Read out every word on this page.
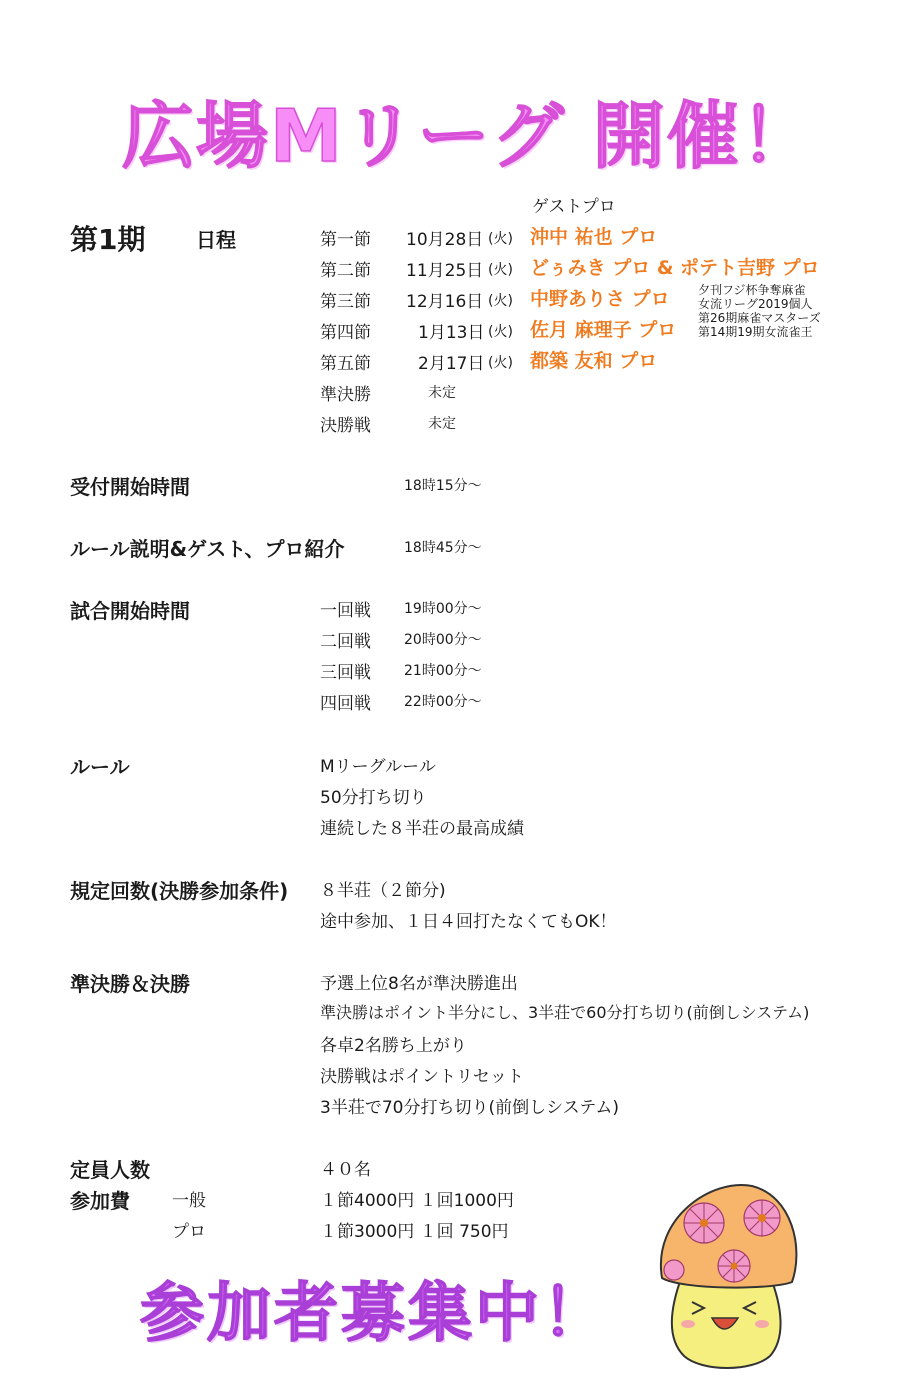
広場Mリーグ 開催！
ゲストプロ
第1期	日程	第一節 10月28日 (火) 沖中 祐也 プロ
第二節 11月25日 (火) どぅみき プロ & ポテト吉野 プロ
第三節 12月16日 (火) 中野ありさ プロ
第四節	1月13日 (火) 佐月 麻理子 プロ
第五節	2月17日 (火) 都築 友和 プロ
準決勝	未定
決勝戦	未定
夕刊フジ杯争奪麻雀
女流リーグ2019個人
第26期麻雀マスターズ
第14期19期女流雀王
受付開始時間	18時15分～
ルール説明&ゲスト、プロ紹介	18時45分～
試合開始時間	一回戦 19時00分～
二回戦 20時00分～
三回戦 21時00分～
四回戦 22時00分～
ルール	Mリーグルール
50分打ち切り
連続した８半荘の最高成績
規定回数(決勝参加条件) ８半荘（２節分)
途中参加、１日４回打たなくてもOK！
準決勝＆決勝	予選上位8名が準決勝進出
準決勝はポイント半分にし、3半荘で60分打ち切り(前倒しシステム)
各卓2名勝ち上がり
決勝戦はポイントリセット
3半荘で70分打ち切り(前倒しシステム)
定員人数	４０名
参加費 一般	１節4000円 １回1000円
プロ	１節3000円 １回 750円
参加者募集中！
